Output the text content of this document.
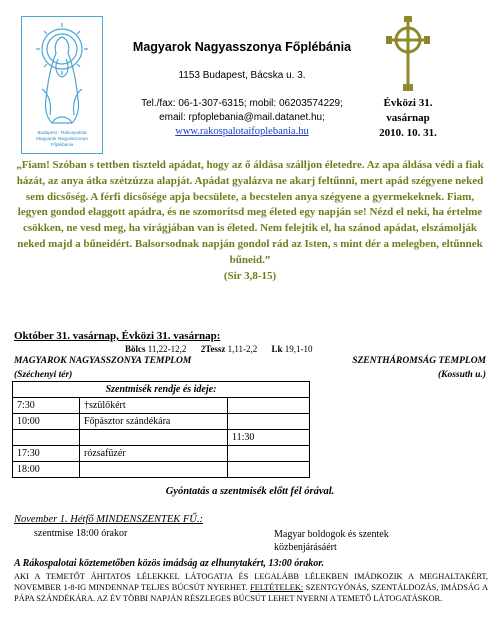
Budapest - Rákospalota
Magyarok Nagyasszonya
Főplébánia
Magyarok Nagyasszonya Főplébánia
1153 Budapest, Bácska u. 3.
Tel./fax: 06-1-307-6315; mobil: 06203574229;
email: rpfoplebania@mail.datanet.hu;
www.rakospalotaifoplebania.hu
Évközi 31.
vasárnap
2010. 10. 31.

„Fiam! Szóban s tettben tiszteld apádat, hogy az ő áldása szálljon életedre. Az apa áldása védi a fiak házát, az anya átka szétzúzza alapját. Apádat gyalázva ne akarj feltűnni, mert apád szégyene neked sem dicsőség. A férfi dicsősége apja becsülete, a becstelen anya szégyene a gyermekeknek. Fiam, legyen gondod elaggott apádra, és ne szomorítsd meg életed egy napján se! Nézd el neki, ha értelme csökken, ne vesd meg, ha virágjában van is életed. Nem felejtik el, ha szánod apádat, elszámolják neked majd a bűneidért. Balsorsodnak napján gondol rád az Isten, s mint dér a melegben, eltűnnek bűneid.”

(Sir 3,8-15)

Október 31. vasárnap, Évközi 31. vasárnap:
Bölcs 11,22-12,2 2Tessz 1,11-2,2 Lk 19,1-10
MAGYAROK NAGYASSZONYA TEMPLOM	SZENTHÁROMSÁG TEMPLOM
(Széchenyi tér)	(Kossuth u.)
Szentmisék rendje és ideje:		
7:30	†szülőkért	
10:00	Főpásztor szándékára	
		11:30
17:30	rózsafüzér	
18:00		
Gyóntatás a szentmisék előtt fél órával.
November 1. Hétfő MINDENSZENTEK FŰ.:
szentmise 18:00 órakor	Magyar boldogok és szentek közbenjárásáért
A Rákospalotai köztemetőben közös imádság az elhunytakért, 13:00 órakor.
AKI A TEMETŐT ÁHITATOS LÉLEKKEL LÁTOGATJA ÉS LEGALÁBB LÉLEKBEN IMÁDKOZIK A MEGHALTAKÉRT, NOVEMBER 1-8-IG MINDENNAP TELJES BÚCSÚT NYERHET. FELTÉTELEK: SZENTGYÓNÁS, SZENTÁLDOZÁS, IMÁDSÁG A PÁPA SZÁNDÉKÁRA. AZ ÉV TÖBBI NAPJÁN RÉSZLEGES BÚCSÚT LEHET NYERNI A TEMETŐ LÁTOGATÁSKOR.
